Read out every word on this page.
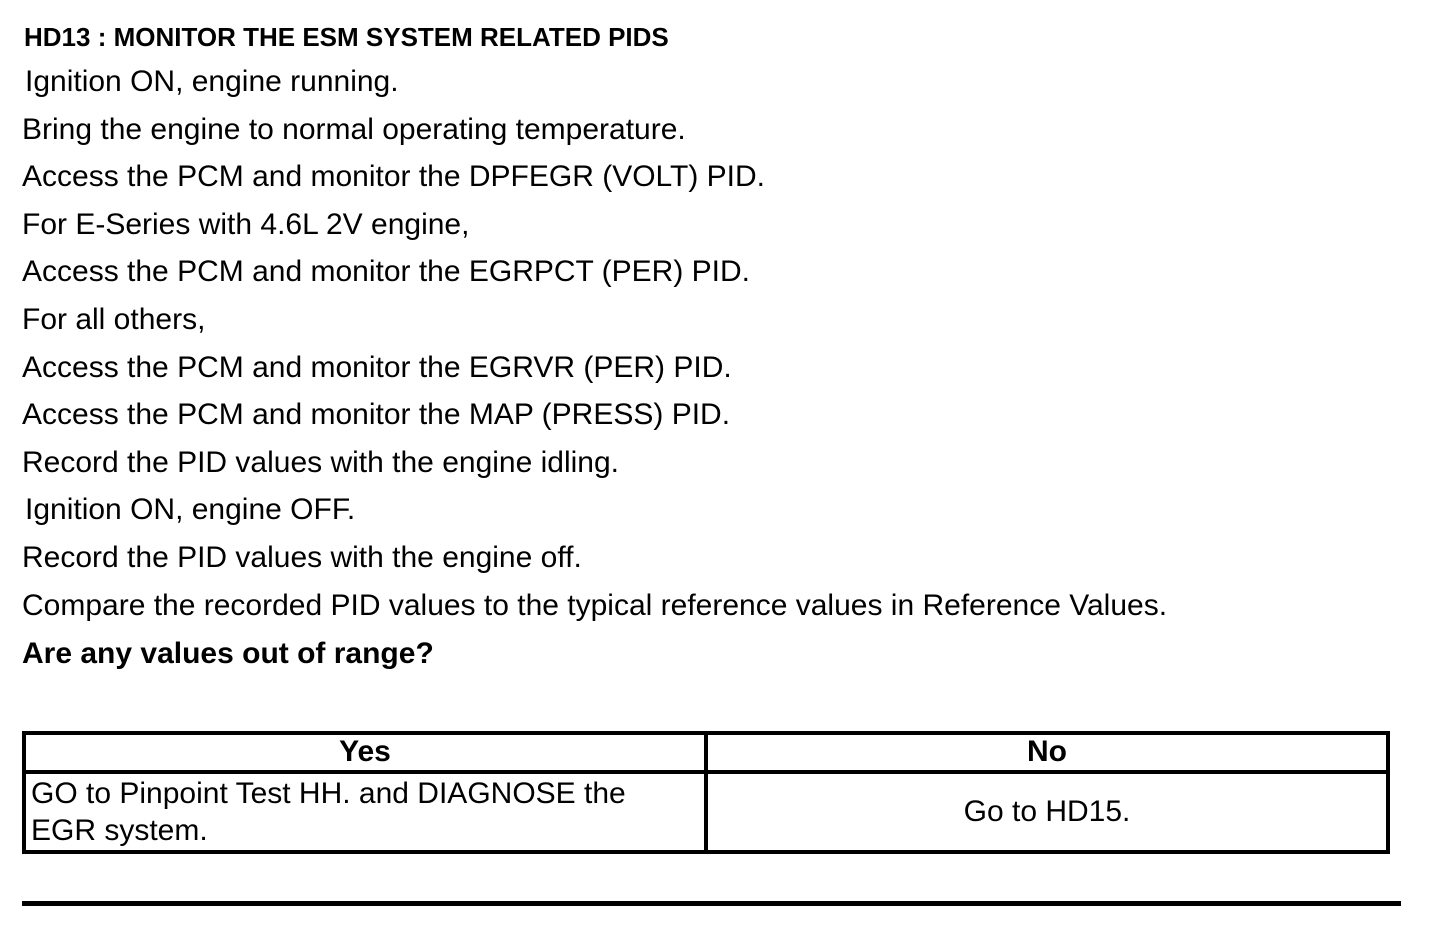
HD13 : MONITOR THE ESM SYSTEM RELATED PIDS
Ignition ON, engine running.
Bring the engine to normal operating temperature.
Access the PCM and monitor the DPFEGR (VOLT) PID.
For E-Series with 4.6L 2V engine,
Access the PCM and monitor the EGRPCT (PER) PID.
For all others,
Access the PCM and monitor the EGRVR (PER) PID.
Access the PCM and monitor the MAP (PRESS) PID.
Record the PID values with the engine idling.
Ignition ON, engine OFF.
Record the PID values with the engine off.
Compare the recorded PID values to the typical reference values in Reference Values.
Are any values out of range?
Yes	No
GO to Pinpoint Test HH. and DIAGNOSE the EGR system.	Go to HD15.
